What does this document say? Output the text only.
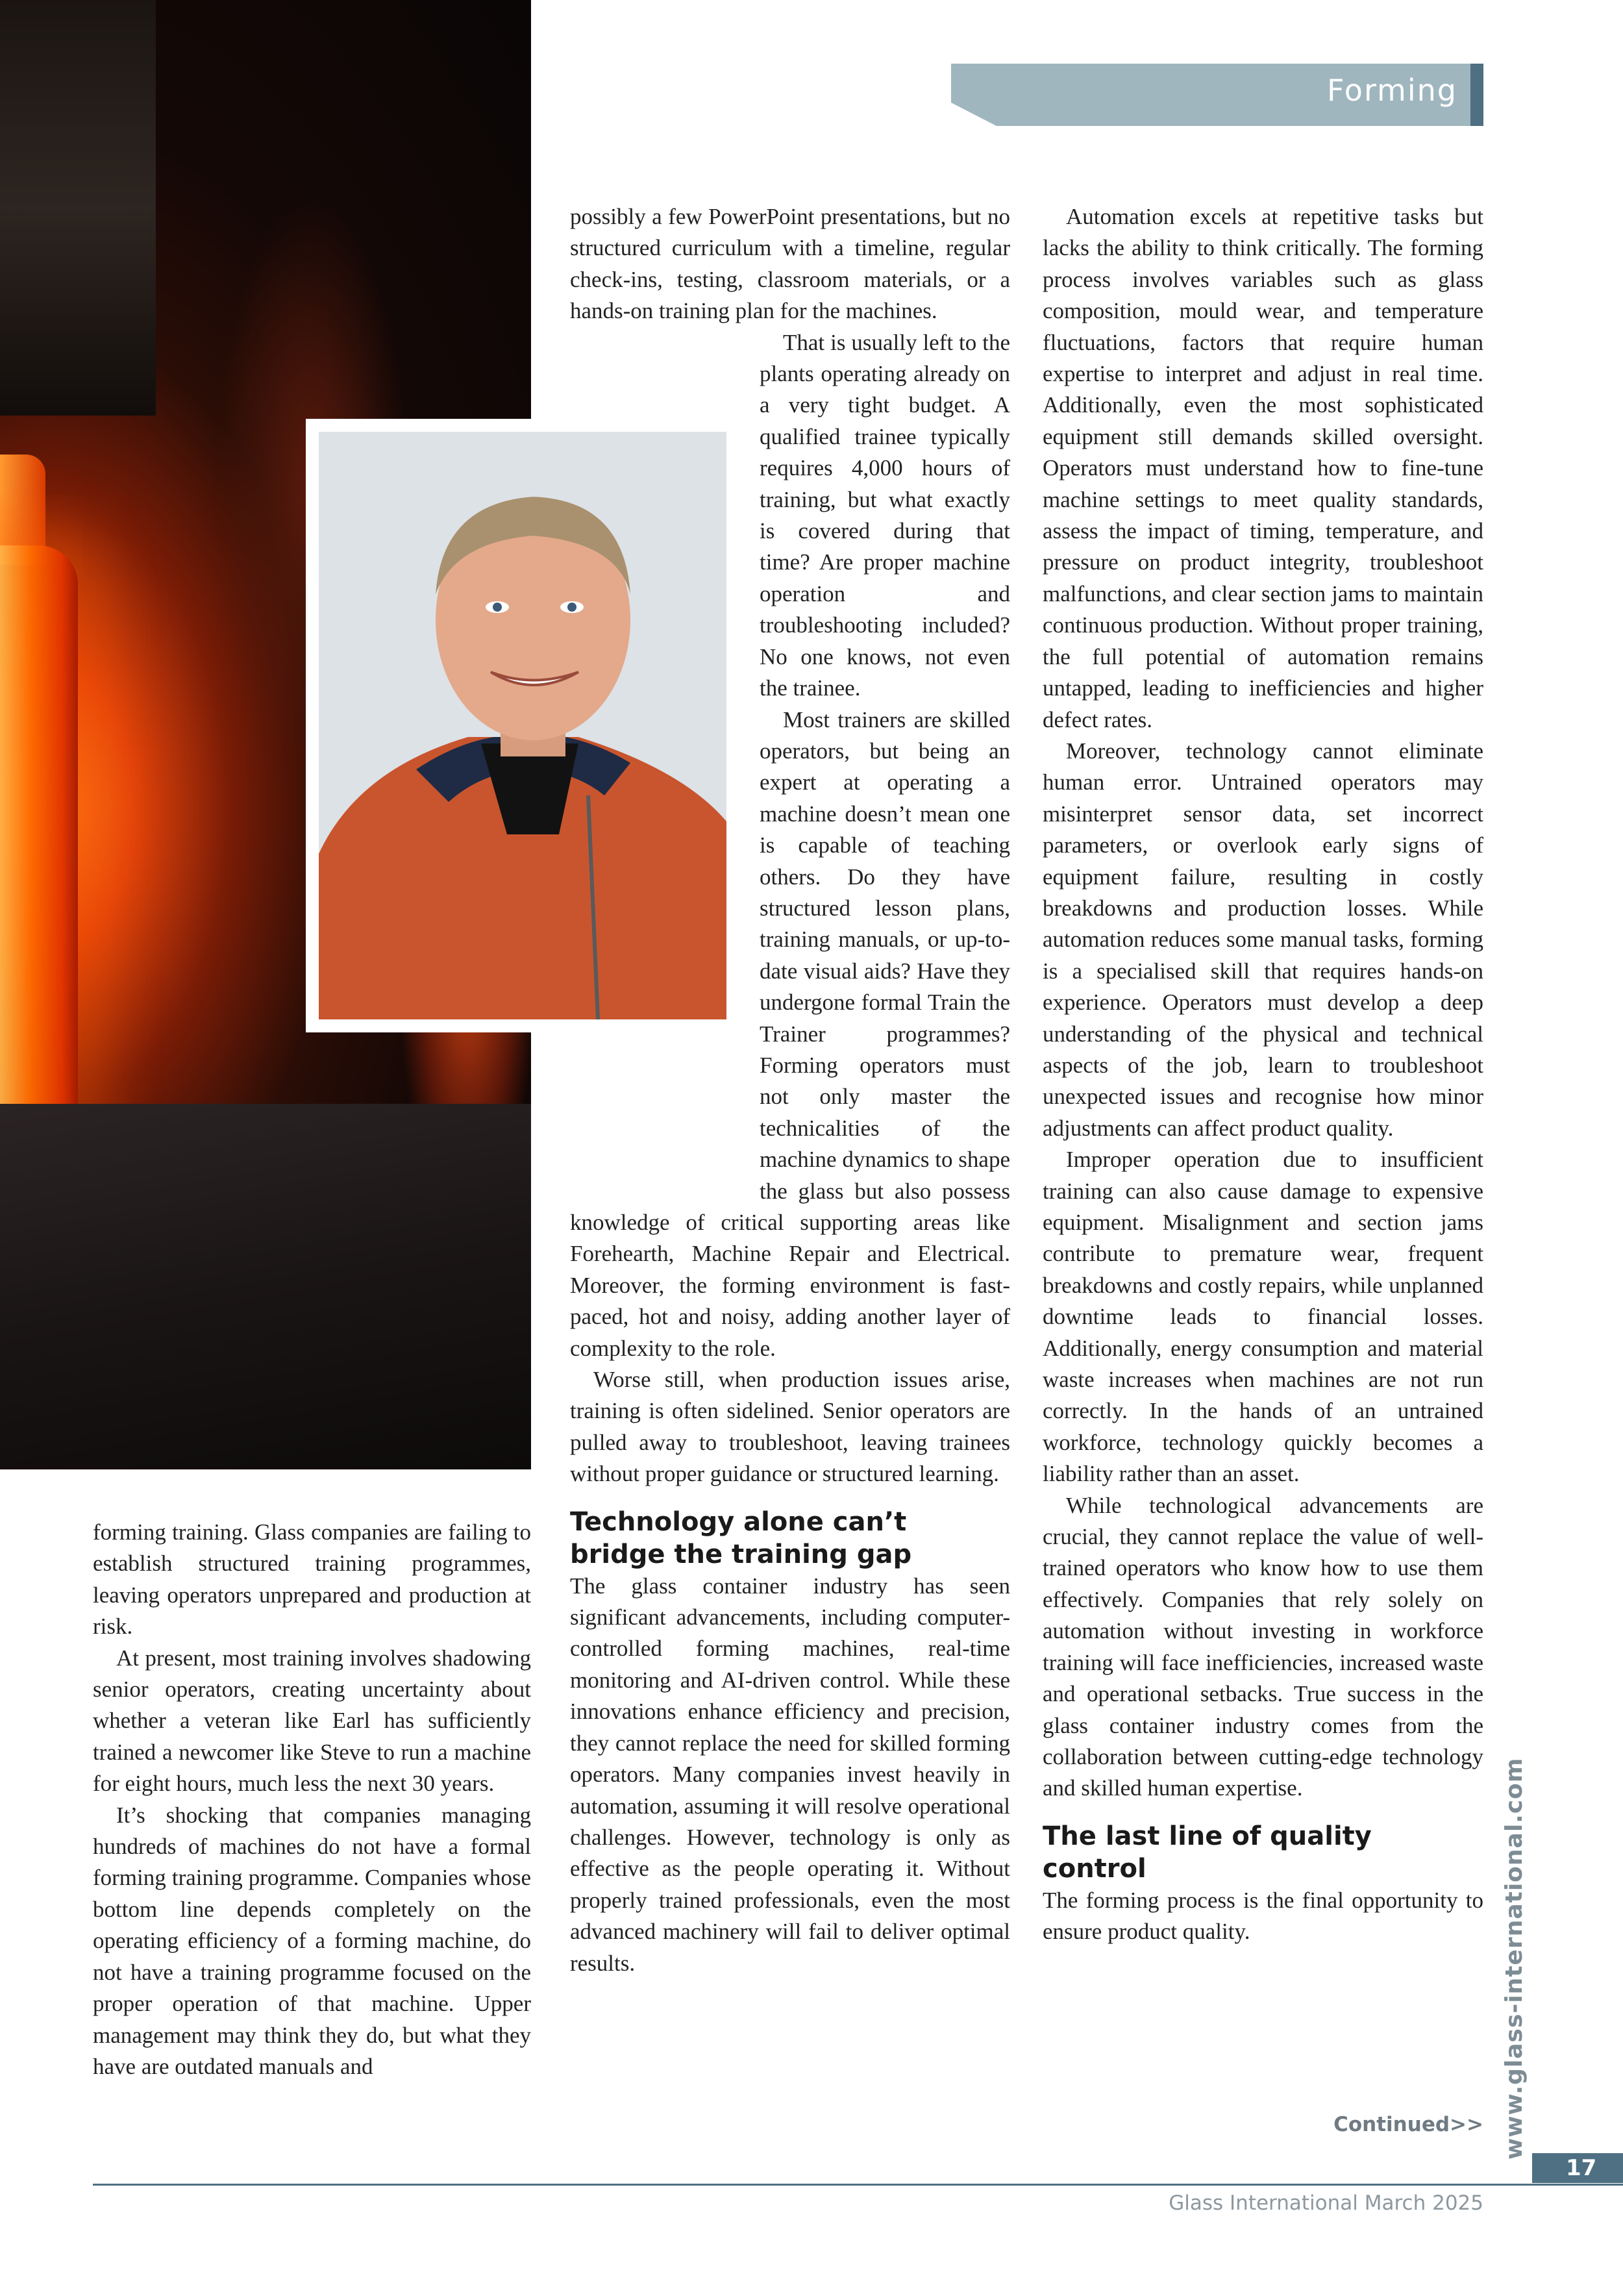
Forming

forming training. Glass companies are failing to establish structured training programmes, leaving operators unprepared and production at risk.

At present, most training involves shadowing senior operators, creating uncertainty about whether a veteran like Earl has sufficiently trained a newcomer like Steve to run a machine for eight hours, much less the next 30 years.

It’s shocking that companies managing hundreds of machines do not have a formal forming training programme. Companies whose bottom line depends completely on the operating efficiency of a forming machine, do not have a training programme focused on the proper operation of that machine. Upper management may think they do, but what they have are outdated manuals and

possibly a few PowerPoint presentations, but no structured curriculum with a timeline, regular check-ins, testing, classroom materials, or a hands-on training plan for the machines.

That is usually left to the plants operating already on a very tight budget. A qualified trainee typically requires 4,000 hours of training, but what exactly is covered during that time? Are proper machine operation and troubleshooting included? No one knows, not even the trainee.

Most trainers are skilled operators, but being an expert at operating a machine doesn’t mean one is capable of teaching others. Do they have structured lesson plans, training manuals, or up-to-date visual aids? Have they undergone formal Train the Trainer programmes? Forming operators must not only master the technicalities of the machine dynamics to shape the glass but also possess knowledge of critical supporting areas like Forehearth, Machine Repair and Electrical. Moreover, the forming environment is fast-paced, hot and noisy, adding another layer of complexity to the role.

Worse still, when production issues arise, training is often sidelined. Senior operators are pulled away to troubleshoot, leaving trainees without proper guidance or structured learning.

Technology alone can’t bridge the training gap

The glass container industry has seen significant advancements, including computer-controlled forming machines, real-time monitoring and AI-driven control. While these innovations enhance efficiency and precision, they cannot replace the need for skilled forming operators. Many companies invest heavily in automation, assuming it will resolve operational challenges. However, technology is only as effective as the people operating it. Without properly trained professionals, even the most advanced machinery will fail to deliver optimal results.

Automation excels at repetitive tasks but lacks the ability to think critically. The forming process involves variables such as glass composition, mould wear, and temperature fluctuations, factors that require human expertise to interpret and adjust in real time. Additionally, even the most sophisticated equipment still demands skilled oversight. Operators must understand how to fine-tune machine settings to meet quality standards, assess the impact of timing, temperature, and pressure on product integrity, troubleshoot malfunctions, and clear section jams to maintain continuous production. Without proper training, the full potential of automation remains untapped, leading to inefficiencies and higher defect rates.

Moreover, technology cannot eliminate human error. Untrained operators may misinterpret sensor data, set incorrect parameters, or overlook early signs of equipment failure, resulting in costly breakdowns and production losses. While automation reduces some manual tasks, forming is a specialised skill that requires hands-on experience. Operators must develop a deep understanding of the physical and technical aspects of the job, learn to troubleshoot unexpected issues and recognise how minor adjustments can affect product quality.

Improper operation due to insufficient training can also cause damage to expensive equipment. Misalignment and section jams contribute to premature wear, frequent breakdowns and costly repairs, while unplanned downtime leads to financial losses. Additionally, energy consumption and material waste increases when machines are not run correctly. In the hands of an untrained workforce, technology quickly becomes a liability rather than an asset.

While technological advancements are crucial, they cannot replace the value of well-trained operators who know how to use them effectively. Companies that rely solely on automation without investing in workforce training will face inefficiencies, increased waste and operational setbacks. True success in the glass container industry comes from the collaboration between cutting-edge technology and skilled human expertise.

The last line of quality control

The forming process is the final opportunity to ensure product quality.

Continued>> www.glass-international.com
17
Glass International March 2025
